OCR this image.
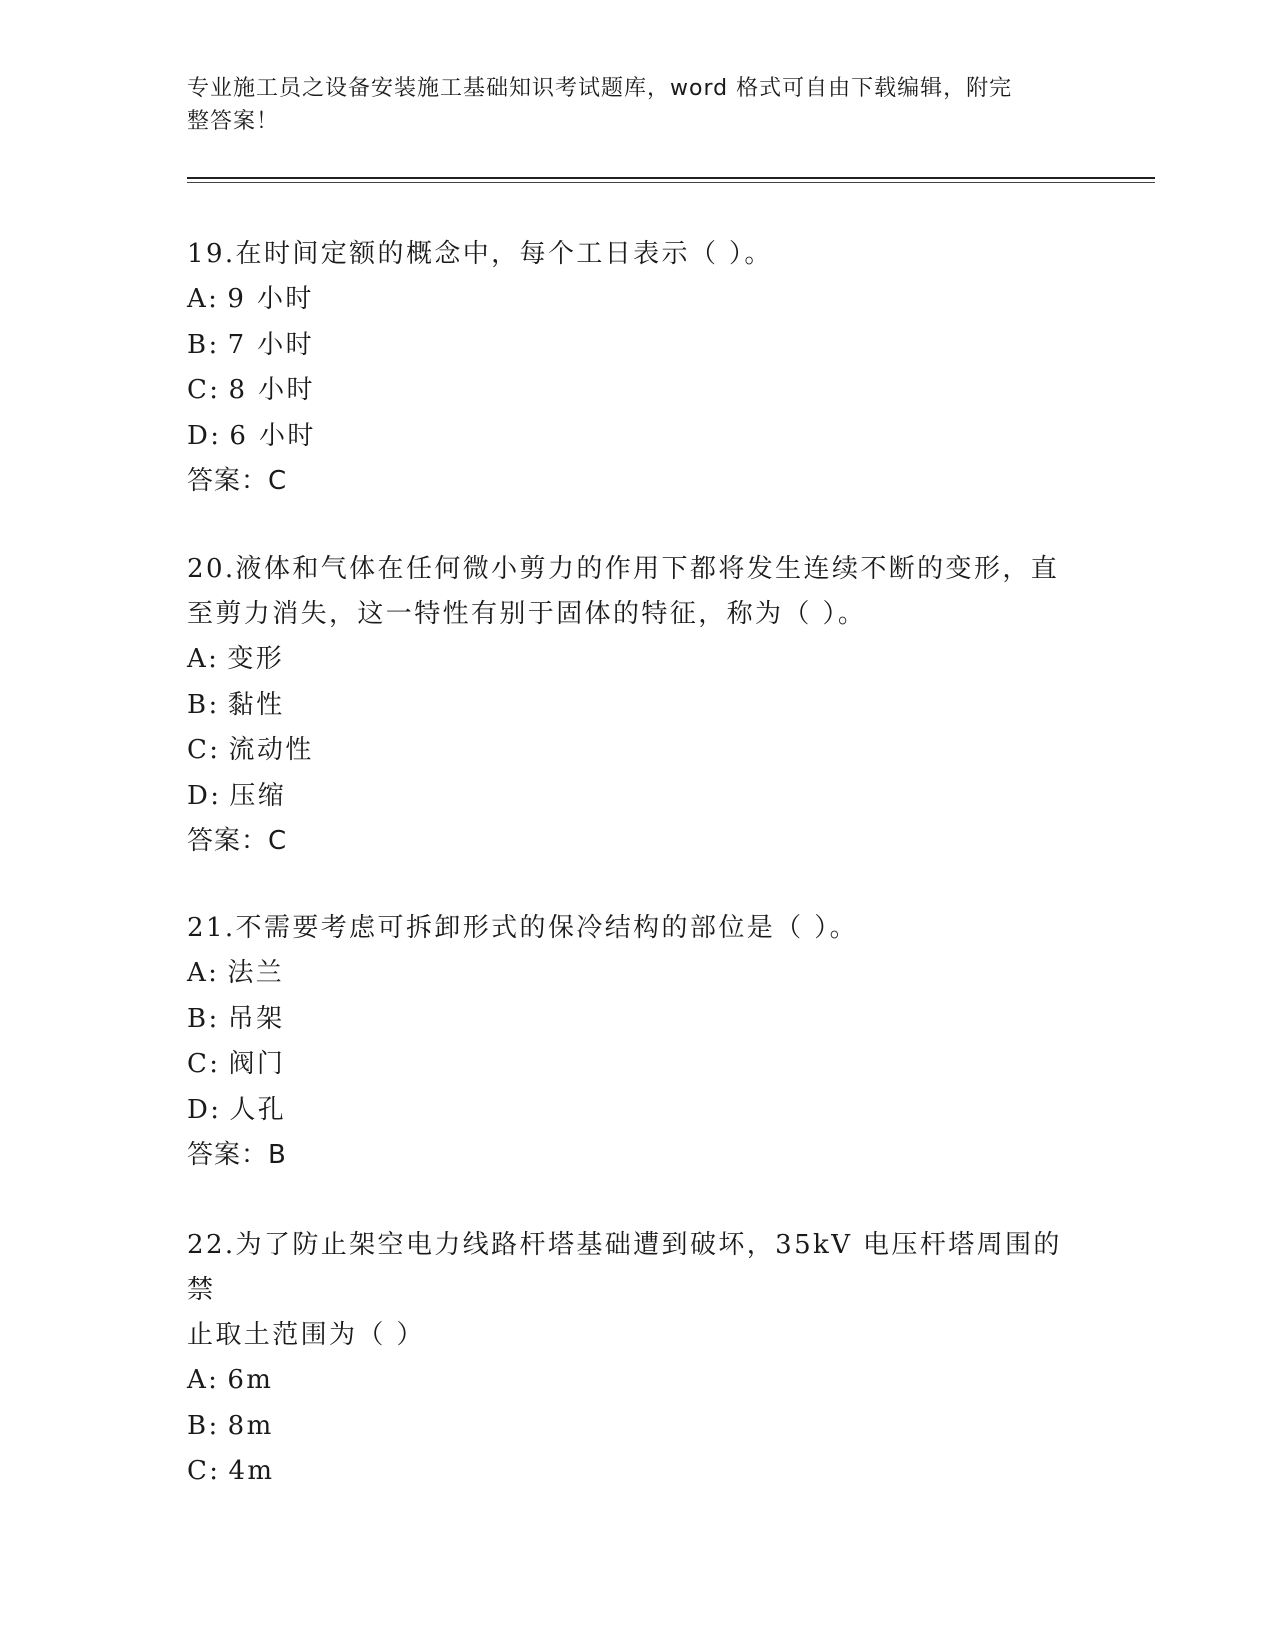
专业施工员之设备安装施工基础知识考试题库，word 格式可自由下载编辑，附完
整答案！
19.在时间定额的概念中，每个工日表示（ ）。
A: 9 小时
B: 7 小时
C: 8 小时
D: 6 小时
答案：C
20.液体和气体在任何微小剪力的作用下都将发生连续不断的变形，直
至剪力消失，这一特性有别于固体的特征，称为（ ）。
A: 变形
B: 黏性
C: 流动性
D: 压缩
答案：C
21.不需要考虑可拆卸形式的保冷结构的部位是（ ）。
A: 法兰
B: 吊架
C: 阀门
D: 人孔
答案：B
22.为了防止架空电力线路杆塔基础遭到破坏，35kV 电压杆塔周围的禁
止取土范围为（ ）
A: 6m
B: 8m
C: 4m
